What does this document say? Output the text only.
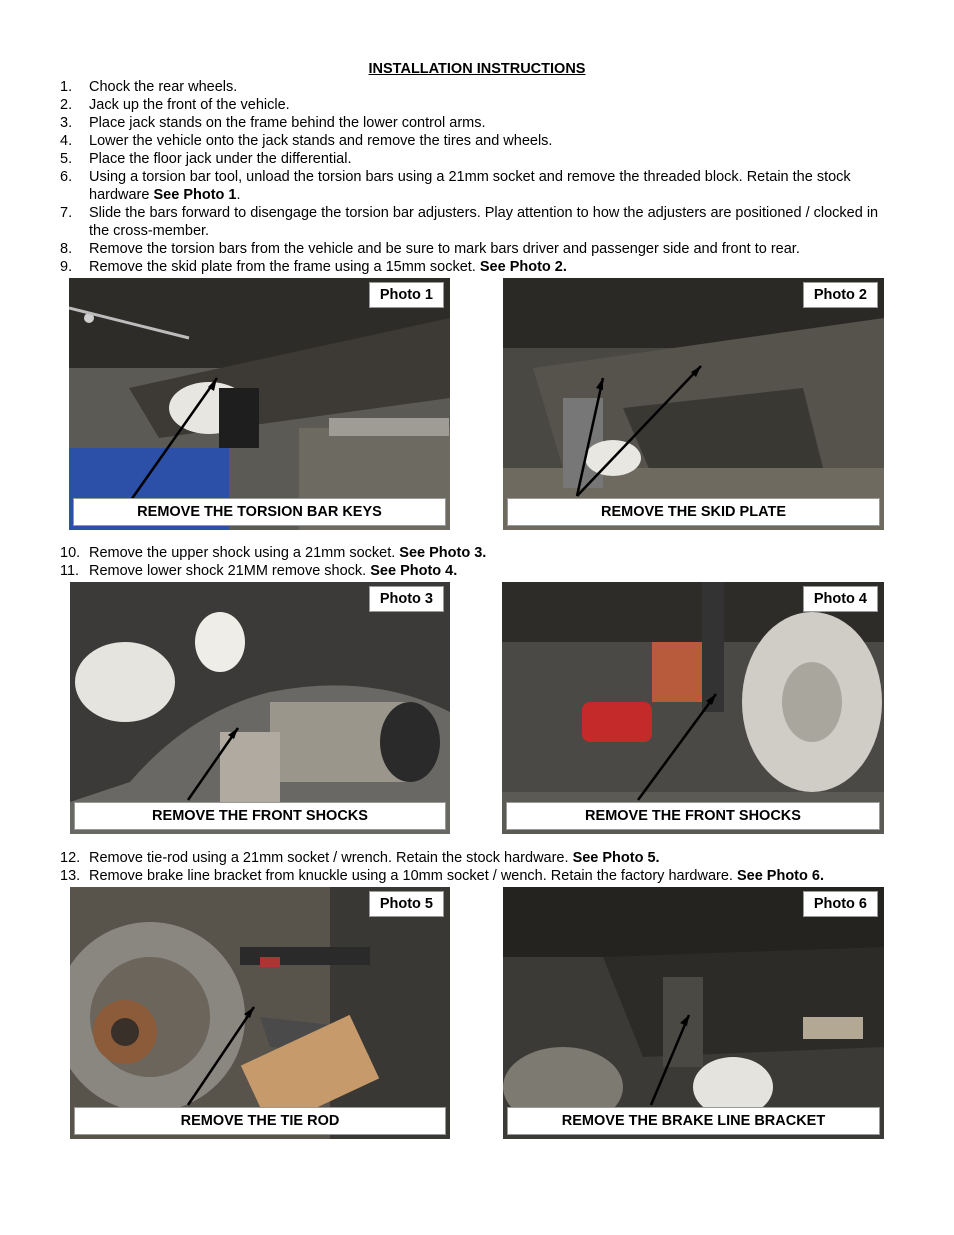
INSTALLATION INSTRUCTIONS
1. Chock the rear wheels.
2. Jack up the front of the vehicle.
3. Place jack stands on the frame behind the lower control arms.
4. Lower the vehicle onto the jack stands and remove the tires and wheels.
5. Place the floor jack under the differential.
6. Using a torsion bar tool, unload the torsion bars using a 21mm socket and remove the threaded block. Retain the stock hardware See Photo 1.
7. Slide the bars forward to disengage the torsion bar adjusters. Play attention to how the adjusters are positioned / clocked in the cross-member.
8. Remove the torsion bars from the vehicle and be sure to mark bars driver and passenger side and front to rear.
9. Remove the skid plate from the frame using a 15mm socket. See Photo 2.
Photo 1
REMOVE THE TORSION BAR KEYS
Photo 2
REMOVE THE SKID PLATE
10. Remove the upper shock using a 21mm socket. See Photo 3.
11. Remove lower shock 21MM remove shock. See Photo 4.
Photo 3
REMOVE THE FRONT SHOCKS
Photo 4
REMOVE THE FRONT SHOCKS
12. Remove tie-rod using a 21mm socket / wrench. Retain the stock hardware. See Photo 5.
13. Remove brake line bracket from knuckle using a 10mm socket / wench. Retain the factory hardware. See Photo 6.
Photo 5
REMOVE THE TIE ROD
Photo 6
REMOVE THE BRAKE LINE BRACKET
